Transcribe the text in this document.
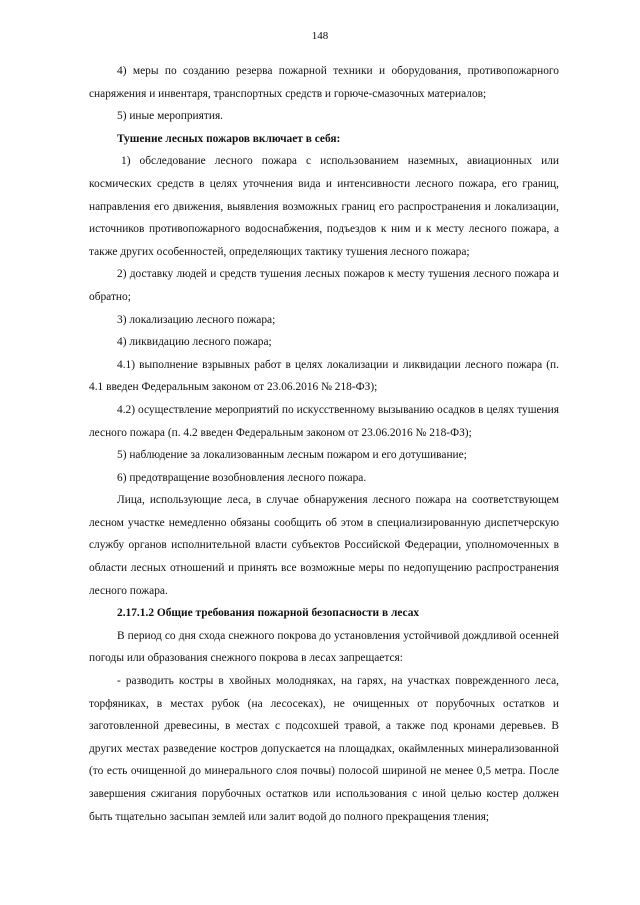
148

4) меры по созданию резерва пожарной техники и оборудования, противопожарного снаряжения и инвентаря, транспортных средств и горюче-смазочных материалов;

5) иные мероприятия.

Тушение лесных пожаров включает в себя:

1) обследование лесного пожара с использованием наземных, авиационных или космических средств в целях уточнения вида и интенсивности лесного пожара, его границ, направления его движения, выявления возможных границ его распространения и локализации, источников противопожарного водоснабжения, подъездов к ним и к месту лесного пожара, а также других особенностей, определяющих тактику тушения лесного пожара;

2) доставку людей и средств тушения лесных пожаров к месту тушения лесного пожара и обратно;

3) локализацию лесного пожара;

4) ликвидацию лесного пожара;

4.1) выполнение взрывных работ в целях локализации и ликвидации лесного пожара (п. 4.1 введен Федеральным законом от 23.06.2016 № 218-ФЗ);

4.2) осуществление мероприятий по искусственному вызыванию осадков в целях тушения лесного пожара (п. 4.2 введен Федеральным законом от 23.06.2016 № 218-ФЗ);

5) наблюдение за локализованным лесным пожаром и его дотушивание;

6) предотвращение возобновления лесного пожара.

Лица, использующие леса, в случае обнаружения лесного пожара на соответствующем лесном участке немедленно обязаны сообщить об этом в специализированную диспетчерскую службу органов исполнительной власти субъектов Российской Федерации, уполномоченных в области лесных отношений и принять все возможные меры по недопущению распространения лесного пожара.

2.17.1.2 Общие требования пожарной безопасности в лесах

В период со дня схода снежного покрова до установления устойчивой дождливой осенней погоды или образования снежного покрова в лесах запрещается:

- разводить костры в хвойных молодняках, на гарях, на участках поврежденного леса, торфяниках, в местах рубок (на лесосеках), не очищенных от порубочных остатков и заготовленной древесины, в местах с подсохшей травой, а также под кронами деревьев. В других местах разведение костров допускается на площадках, окаймленных минерализованной (то есть очищенной до минерального слоя почвы) полосой шириной не менее 0,5 метра. После завершения сжигания порубочных остатков или использования с иной целью костер должен быть тщательно засыпан землей или залит водой до полного прекращения тления;
